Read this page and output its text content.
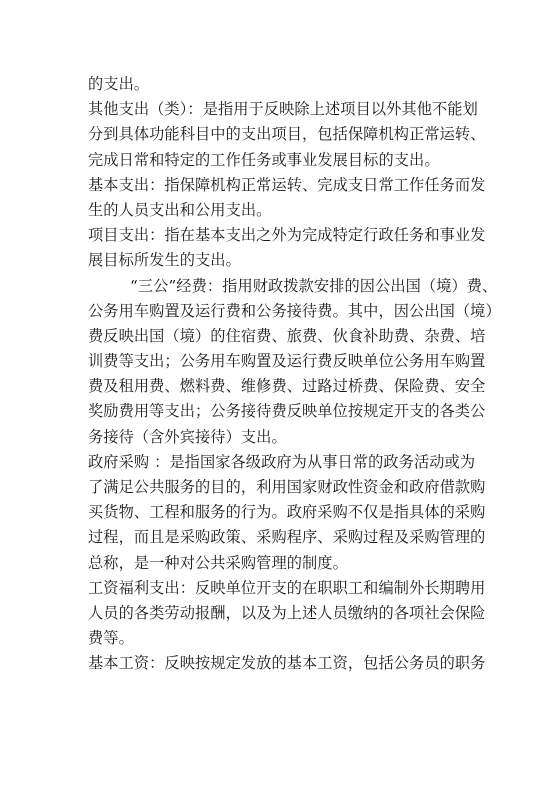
的支出。
其他支出（类）：是指用于反映除上述项目以外其他不能划
分到具体功能科目中的支出项目，包括保障机构正常运转、
完成日常和特定的工作任务或事业发展目标的支出。
基本支出：指保障机构正常运转、完成支日常工作任务而发
生的人员支出和公用支出。
项目支出：指在基本支出之外为完成特定行政任务和事业发
展目标所发生的支出。
“三公”经费：指用财政拨款安排的因公出国（境）费、
公务用车购置及运行费和公务接待费。其中，因公出国（境）
费反映出国（境）的住宿费、旅费、伙食补助费、杂费、培
训费等支出；公务用车购置及运行费反映单位公务用车购置
费及租用费、燃料费、维修费、过路过桥费、保险费、安全
奖励费用等支出；公务接待费反映单位按规定开支的各类公
务接待（含外宾接待）支出。
政府采购 ：是指国家各级政府为从事日常的政务活动或为
了满足公共服务的目的，利用国家财政性资金和政府借款购
买货物、工程和服务的行为。政府采购不仅是指具体的采购
过程，而且是采购政策、采购程序、采购过程及采购管理的
总称，是一种对公共采购管理的制度。
工资福利支出：反映单位开支的在职职工和编制外长期聘用
人员的各类劳动报酬，以及为上述人员缴纳的各项社会保险
费等。
基本工资：反映按规定发放的基本工资，包括公务员的职务
